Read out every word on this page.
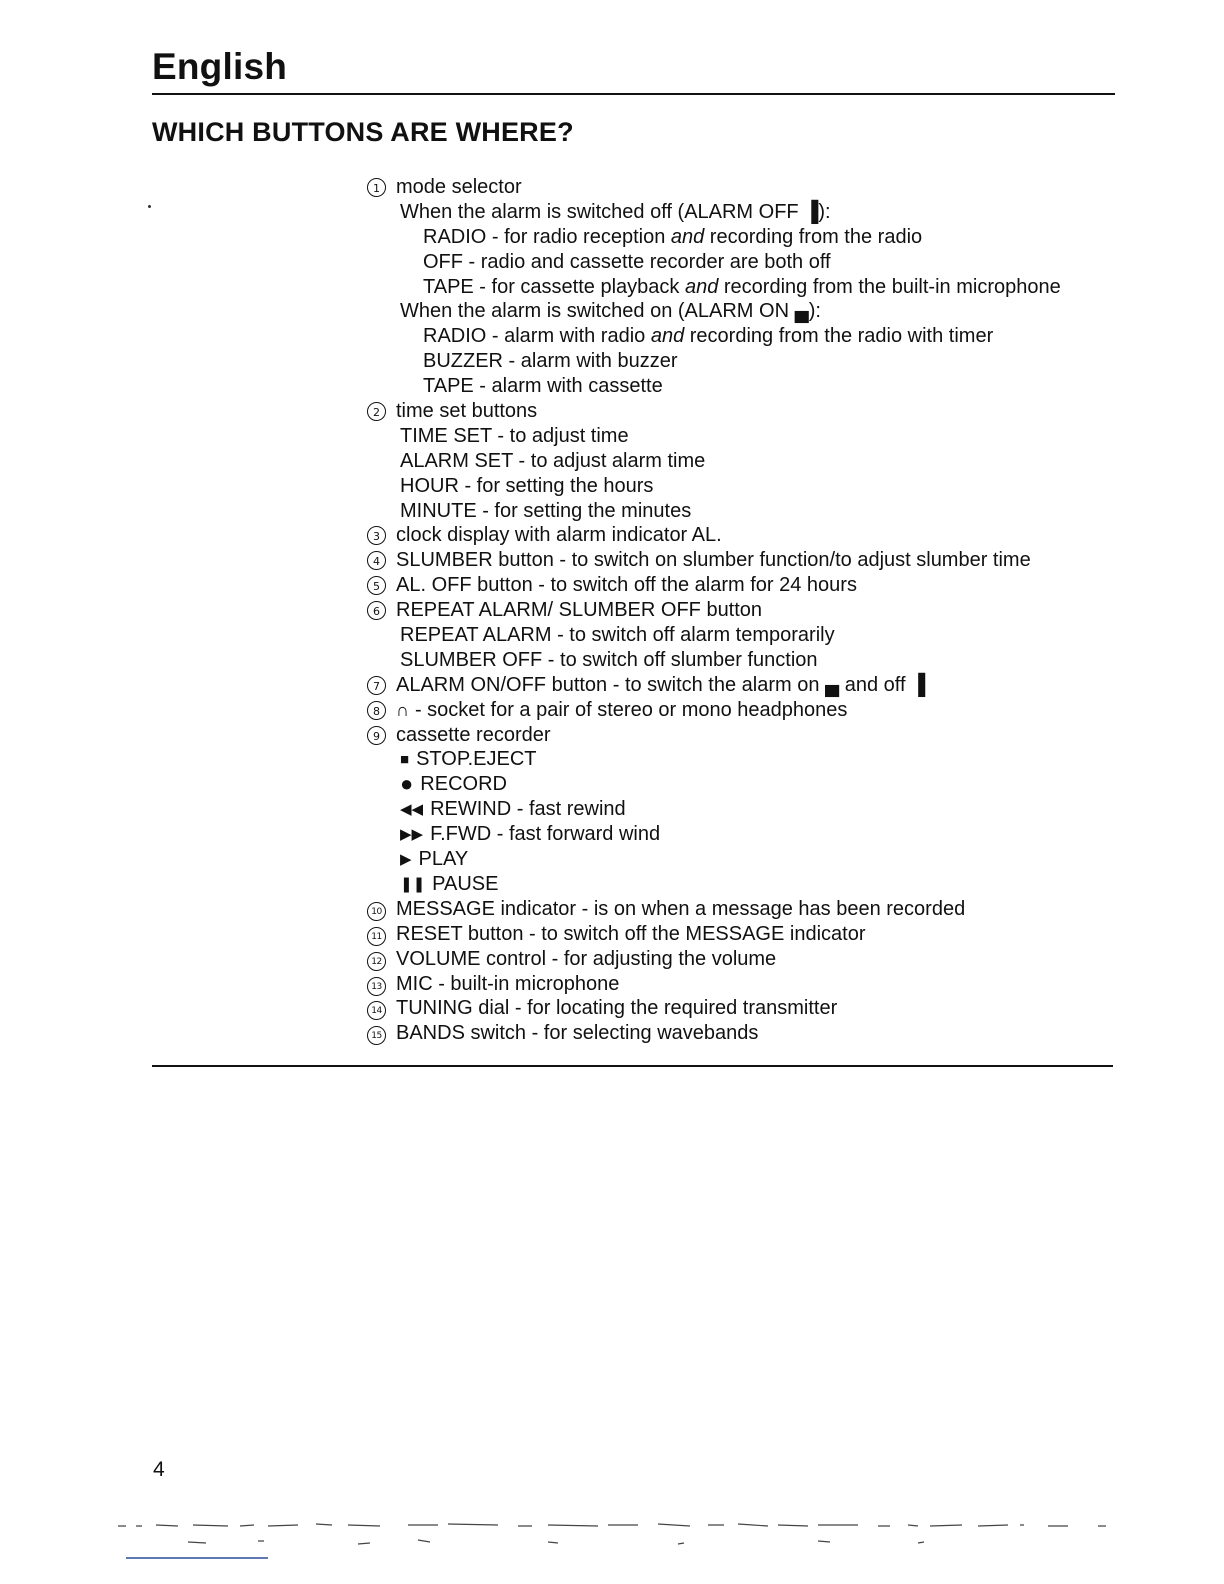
English
WHICH BUTTONS ARE WHERE?
1 mode selector
When the alarm is switched off (ALARM OFF ▐):
RADIO - for radio reception and recording from the radio
OFF - radio and cassette recorder are both off
TAPE - for cassette playback and recording from the built-in microphone
When the alarm is switched on (ALARM ON ▄):
RADIO - alarm with radio and recording from the radio with timer
BUZZER - alarm with buzzer
TAPE - alarm with cassette
2 time set buttons
TIME SET - to adjust time
ALARM SET - to adjust alarm time
HOUR - for setting the hours
MINUTE - for setting the minutes
3 clock display with alarm indicator AL.
4 SLUMBER button - to switch on slumber function/to adjust slumber time
5 AL. OFF button - to switch off the alarm for 24 hours
6 REPEAT ALARM/ SLUMBER OFF button
REPEAT ALARM - to switch off alarm temporarily
SLUMBER OFF - to switch off slumber function
7 ALARM ON/OFF button - to switch the alarm on ▄ and off ▐
8 ∩ - socket for a pair of stereo or mono headphones
9 cassette recorder
■ STOP.EJECT
● RECORD
◀◀ REWIND - fast rewind
▶▶ F.FWD - fast forward wind
▶ PLAY
❚❚ PAUSE
10 MESSAGE indicator - is on when a message has been recorded
11 RESET button - to switch off the MESSAGE indicator
12 VOLUME control - for adjusting the volume
13 MIC - built-in microphone
14 TUNING dial - for locating the required transmitter
15 BANDS switch - for selecting wavebands
4
